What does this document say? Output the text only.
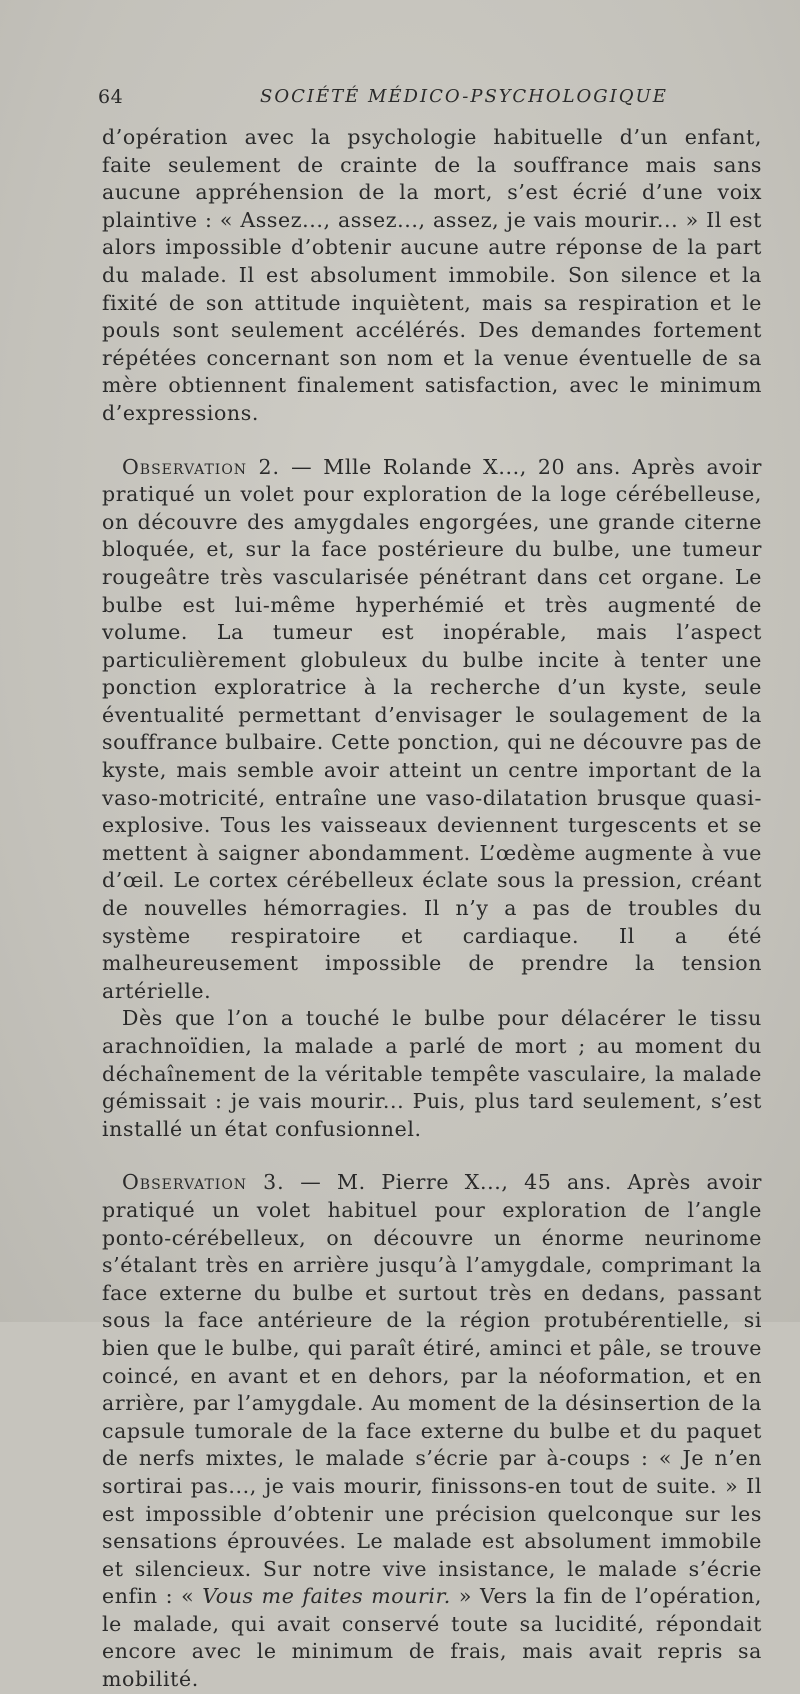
64	SOCIÉTÉ MÉDICO-PSYCHOLOGIQUE

d’opération avec la psychologie habituelle d’un enfant, faite seulement de crainte de la souffrance mais sans aucune appréhension de la mort, s’est écrié d’une voix plaintive : « Assez..., assez..., assez, je vais mourir... » Il est alors impossible d’obtenir aucune autre réponse de la part du malade. Il est absolument immobile. Son silence et la fixité de son attitude inquiètent, mais sa respiration et le pouls sont seulement accélérés. Des demandes fortement répétées concernant son nom et la venue éventuelle de sa mère obtiennent finalement satisfaction, avec le minimum d’expressions.

Observation 2. — Mlle Rolande X..., 20 ans. Après avoir pratiqué un volet pour exploration de la loge cérébelleuse, on découvre des amygdales engorgées, une grande citerne bloquée, et, sur la face postérieure du bulbe, une tumeur rougeâtre très vascularisée pénétrant dans cet organe. Le bulbe est lui-même hyperhémié et très augmenté de volume. La tumeur est inopérable, mais l’aspect particulièrement globuleux du bulbe incite à tenter une ponction exploratrice à la recherche d’un kyste, seule éventualité permettant d’envisager le soulagement de la souffrance bulbaire. Cette ponction, qui ne découvre pas de kyste, mais semble avoir atteint un centre important de la vaso-motricité, entraîne une vaso-dilatation brusque quasi-explosive. Tous les vaisseaux deviennent turgescents et se mettent à saigner abondamment. L’œdème augmente à vue d’œil. Le cortex cérébelleux éclate sous la pression, créant de nouvelles hémorragies. Il n’y a pas de troubles du système respiratoire et cardiaque. Il a été malheureusement impossible de prendre la tension artérielle.

Dès que l’on a touché le bulbe pour délacérer le tissu arachnoïdien, la malade a parlé de mort ; au moment du déchaînement de la véritable tempête vasculaire, la malade gémissait : je vais mourir... Puis, plus tard seulement, s’est installé un état confusionnel.

Observation 3. — M. Pierre X..., 45 ans. Après avoir pratiqué un volet habituel pour exploration de l’angle ponto-cérébelleux, on découvre un énorme neurinome s’étalant très en arrière jusqu’à l’amygdale, comprimant la face externe du bulbe et surtout très en dedans, passant sous la face antérieure de la région protubérentielle, si bien que le bulbe, qui paraît étiré, aminci et pâle, se trouve coincé, en avant et en dehors, par la néoformation, et en arrière, par l’amygdale. Au moment de la désinsertion de la capsule tumorale de la face externe du bulbe et du paquet de nerfs mixtes, le malade s’écrie par à-coups : « Je n’en sortirai pas..., je vais mourir, finissons-en tout de suite. » Il est impossible d’obtenir une précision quelconque sur les sensations éprouvées. Le malade est absolument immobile et silencieux. Sur notre vive insistance, le malade s’écrie enfin : « Vous me faites mourir. » Vers la fin de l’opération, le malade, qui avait conservé toute sa lucidité, répondait encore avec le minimum de frais, mais avait repris sa mobilité.
